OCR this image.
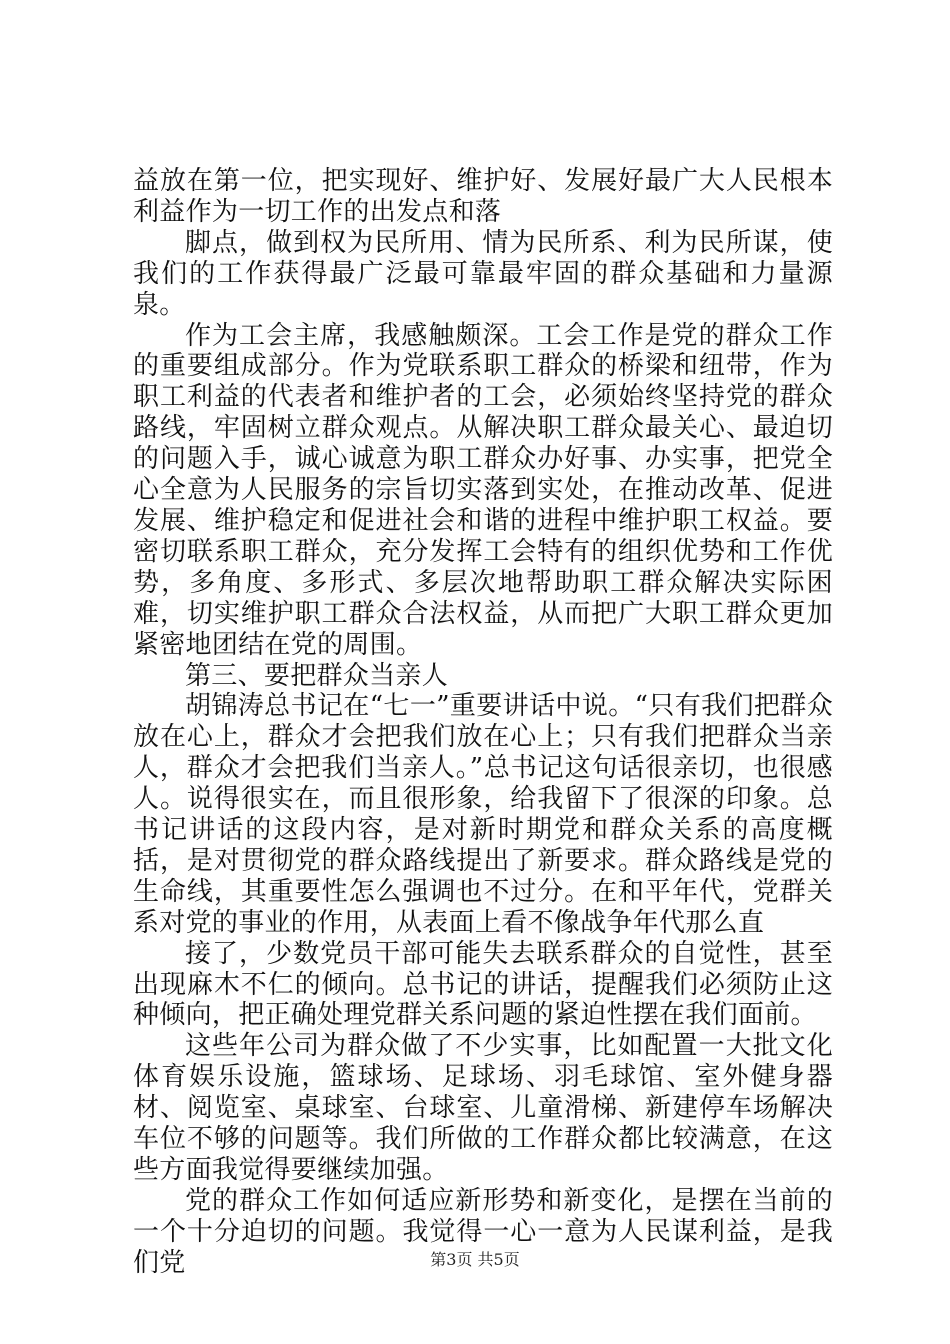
益放在第一位，把实现好、维护好、发展好最广大人民根本利益作为一切工作的出发点和落

脚点，做到权为民所用、情为民所系、利为民所谋，使我们的工作获得最广泛最可靠最牢固的群众基础和力量源泉。

作为工会主席，我感触颇深。工会工作是党的群众工作的重要组成部分。作为党联系职工群众的桥梁和纽带，作为职工利益的代表者和维护者的工会，必须始终坚持党的群众路线，牢固树立群众观点。从解决职工群众最关心、最迫切的问题入手，诚心诚意为职工群众办好事、办实事，把党全心全意为人民服务的宗旨切实落到实处，在推动改革、促进发展、维护稳定和促进社会和谐的进程中维护职工权益。要密切联系职工群众，充分发挥工会特有的组织优势和工作优势，多角度、多形式、多层次地帮助职工群众解决实际困难，切实维护职工群众合法权益，从而把广大职工群众更加紧密地团结在党的周围。

第三、要把群众当亲人

胡锦涛总书记在“七一”重要讲话中说。“只有我们把群众放在心上，群众才会把我们放在心上；只有我们把群众当亲人，群众才会把我们当亲人。”总书记这句话很亲切，也很感人。说得很实在，而且很形象，给我留下了很深的印象。总书记讲话的这段内容，是对新时期党和群众关系的高度概括，是对贯彻党的群众路线提出了新要求。群众路线是党的生命线，其重要性怎么强调也不过分。在和平年代，党群关系对党的事业的作用，从表面上看不像战争年代那么直

接了，少数党员干部可能失去联系群众的自觉性，甚至出现麻木不仁的倾向。总书记的讲话，提醒我们必须防止这种倾向，把正确处理党群关系问题的紧迫性摆在我们面前。

这些年公司为群众做了不少实事，比如配置一大批文化体育娱乐设施，篮球场、足球场、羽毛球馆、室外健身器材、阅览室、桌球室、台球室、儿童滑梯、新建停车场解决车位不够的问题等。我们所做的工作群众都比较满意，在这些方面我觉得要继续加强。

党的群众工作如何适应新形势和新变化，是摆在当前的一个十分迫切的问题。我觉得一心一意为人民谋利益，是我们党	第3页 共5页
